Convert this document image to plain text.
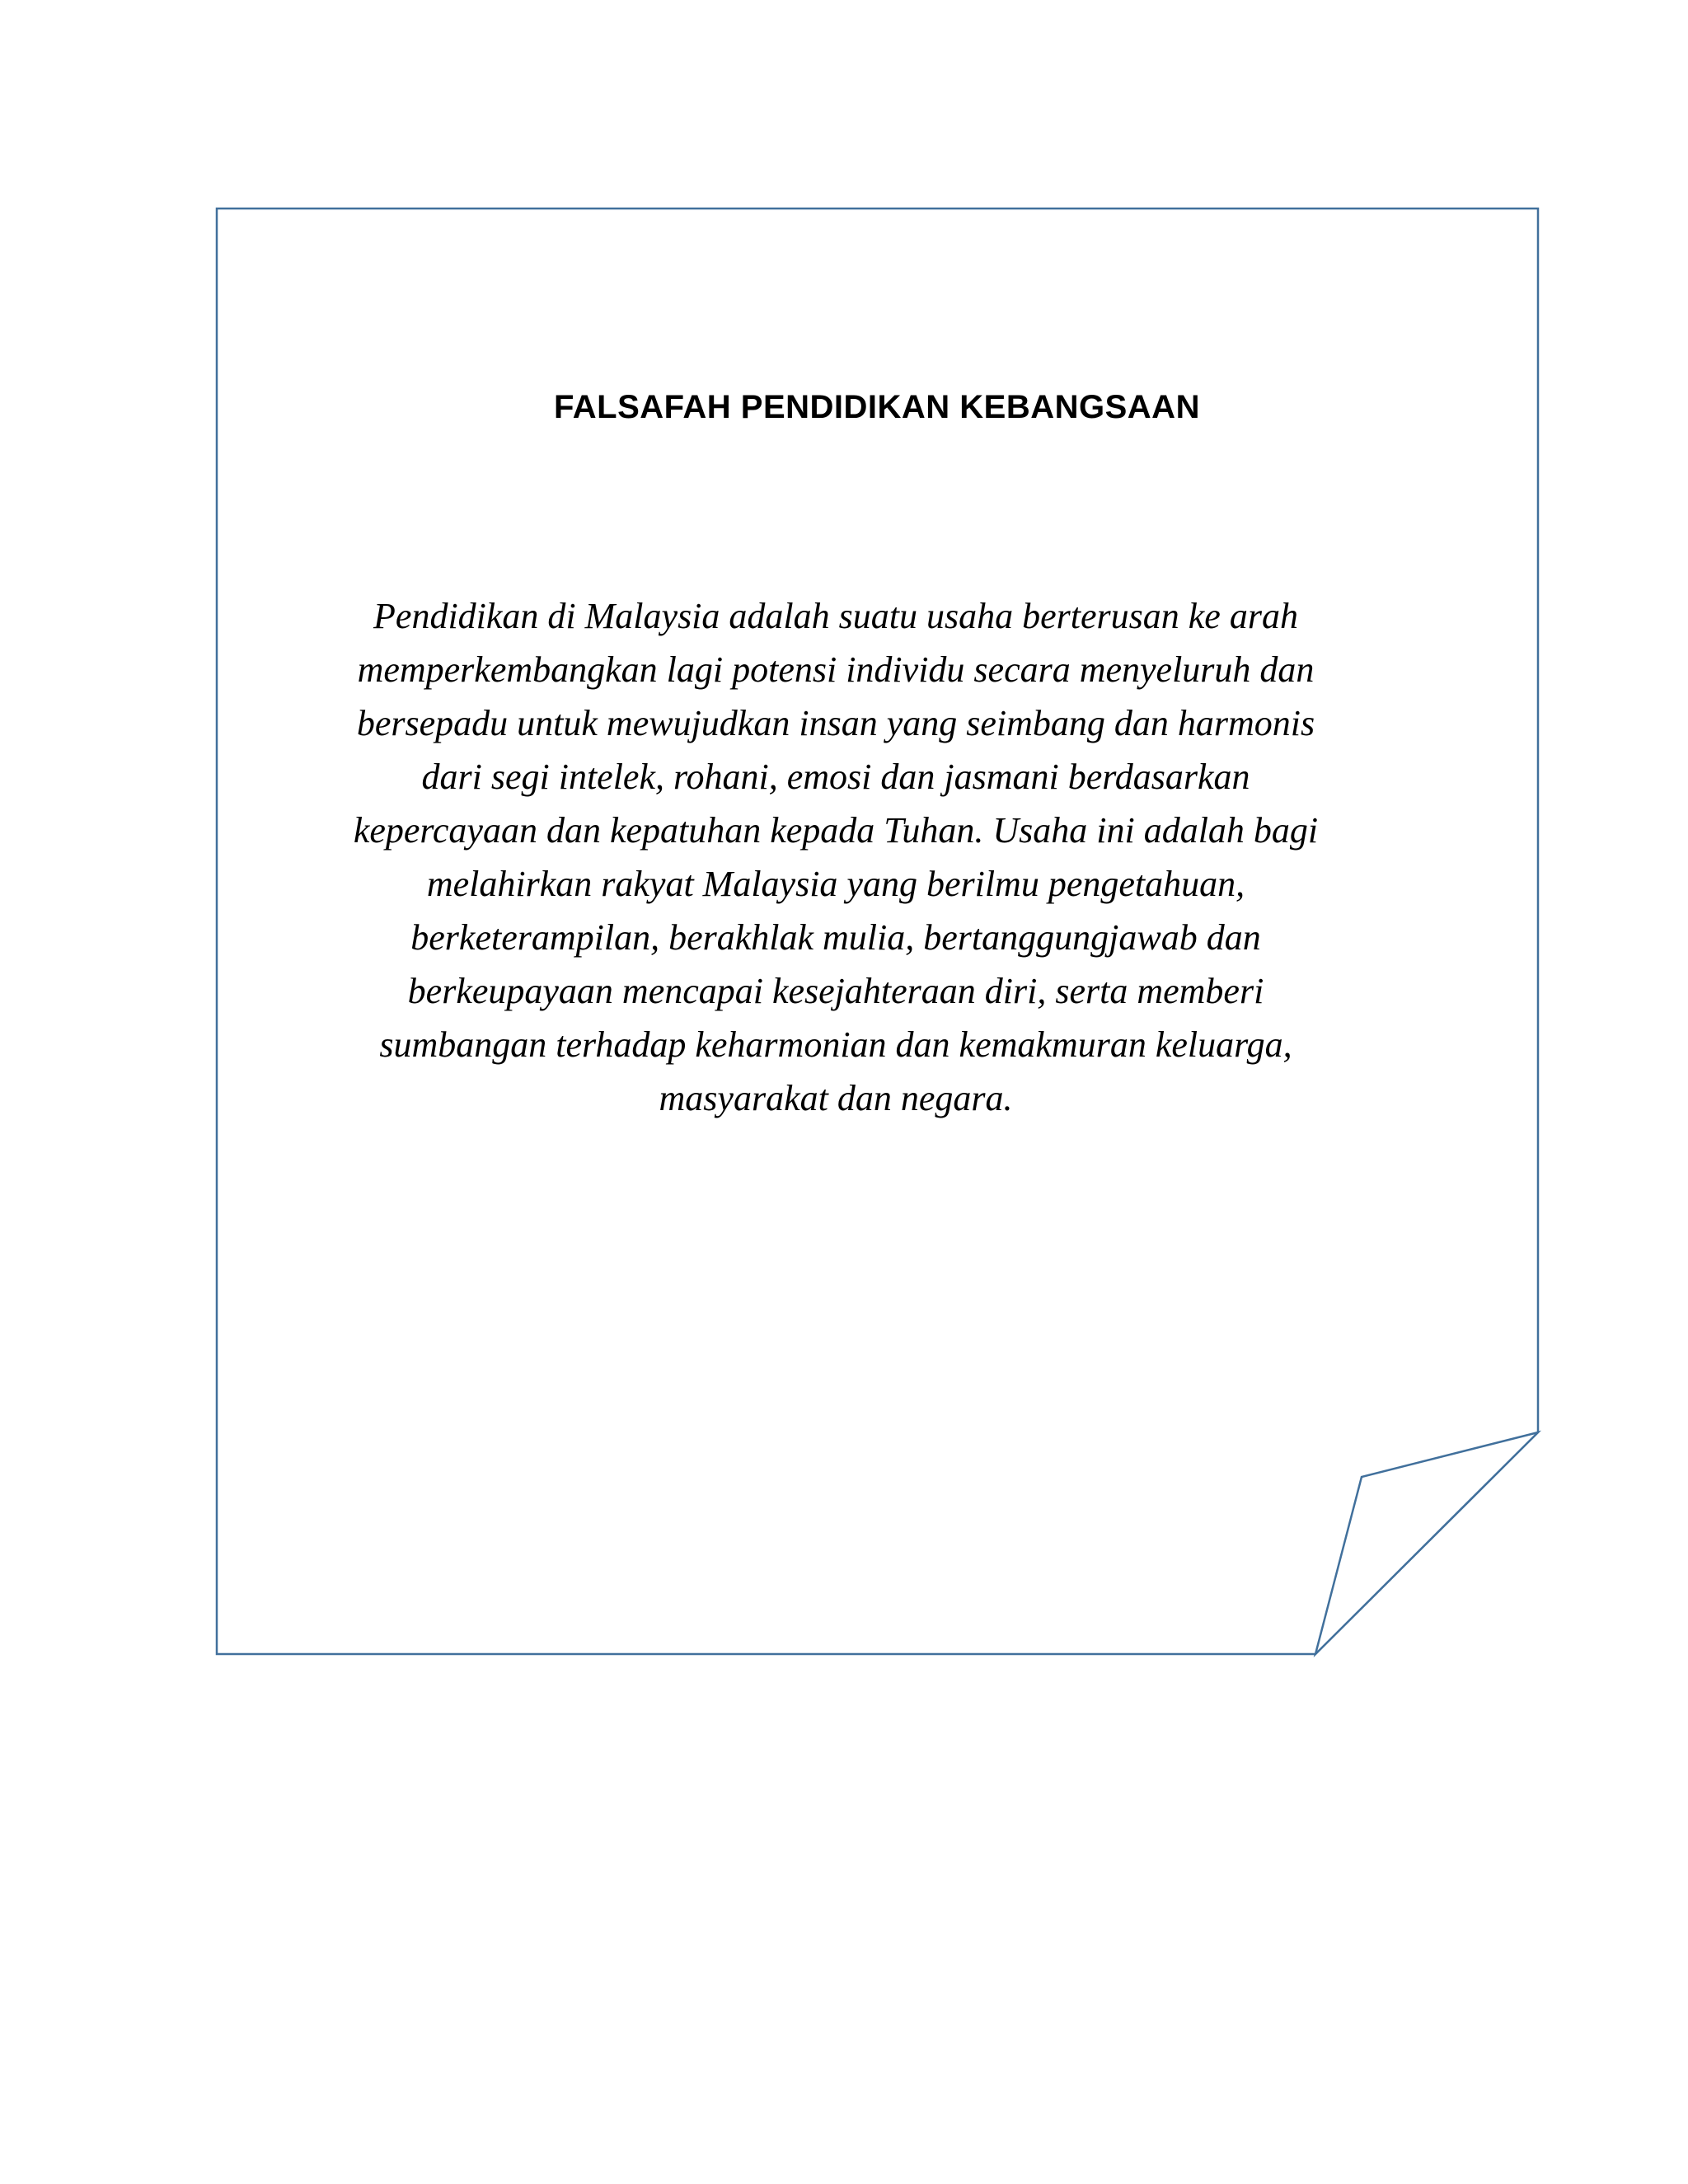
FALSAFAH PENDIDIKAN KEBANGSAAN

Pendidikan di Malaysia adalah suatu usaha berterusan ke arah
memperkembangkan lagi potensi individu secara menyeluruh dan
bersepadu untuk mewujudkan insan yang seimbang dan harmonis
dari segi intelek, rohani, emosi dan jasmani berdasarkan
kepercayaan dan kepatuhan kepada Tuhan. Usaha ini adalah bagi
melahirkan rakyat Malaysia yang berilmu pengetahuan,
berketerampilan, berakhlak mulia, bertanggungjawab dan
berkeupayaan mencapai kesejahteraan diri, serta memberi
sumbangan terhadap keharmonian dan kemakmuran keluarga,
masyarakat dan negara.
